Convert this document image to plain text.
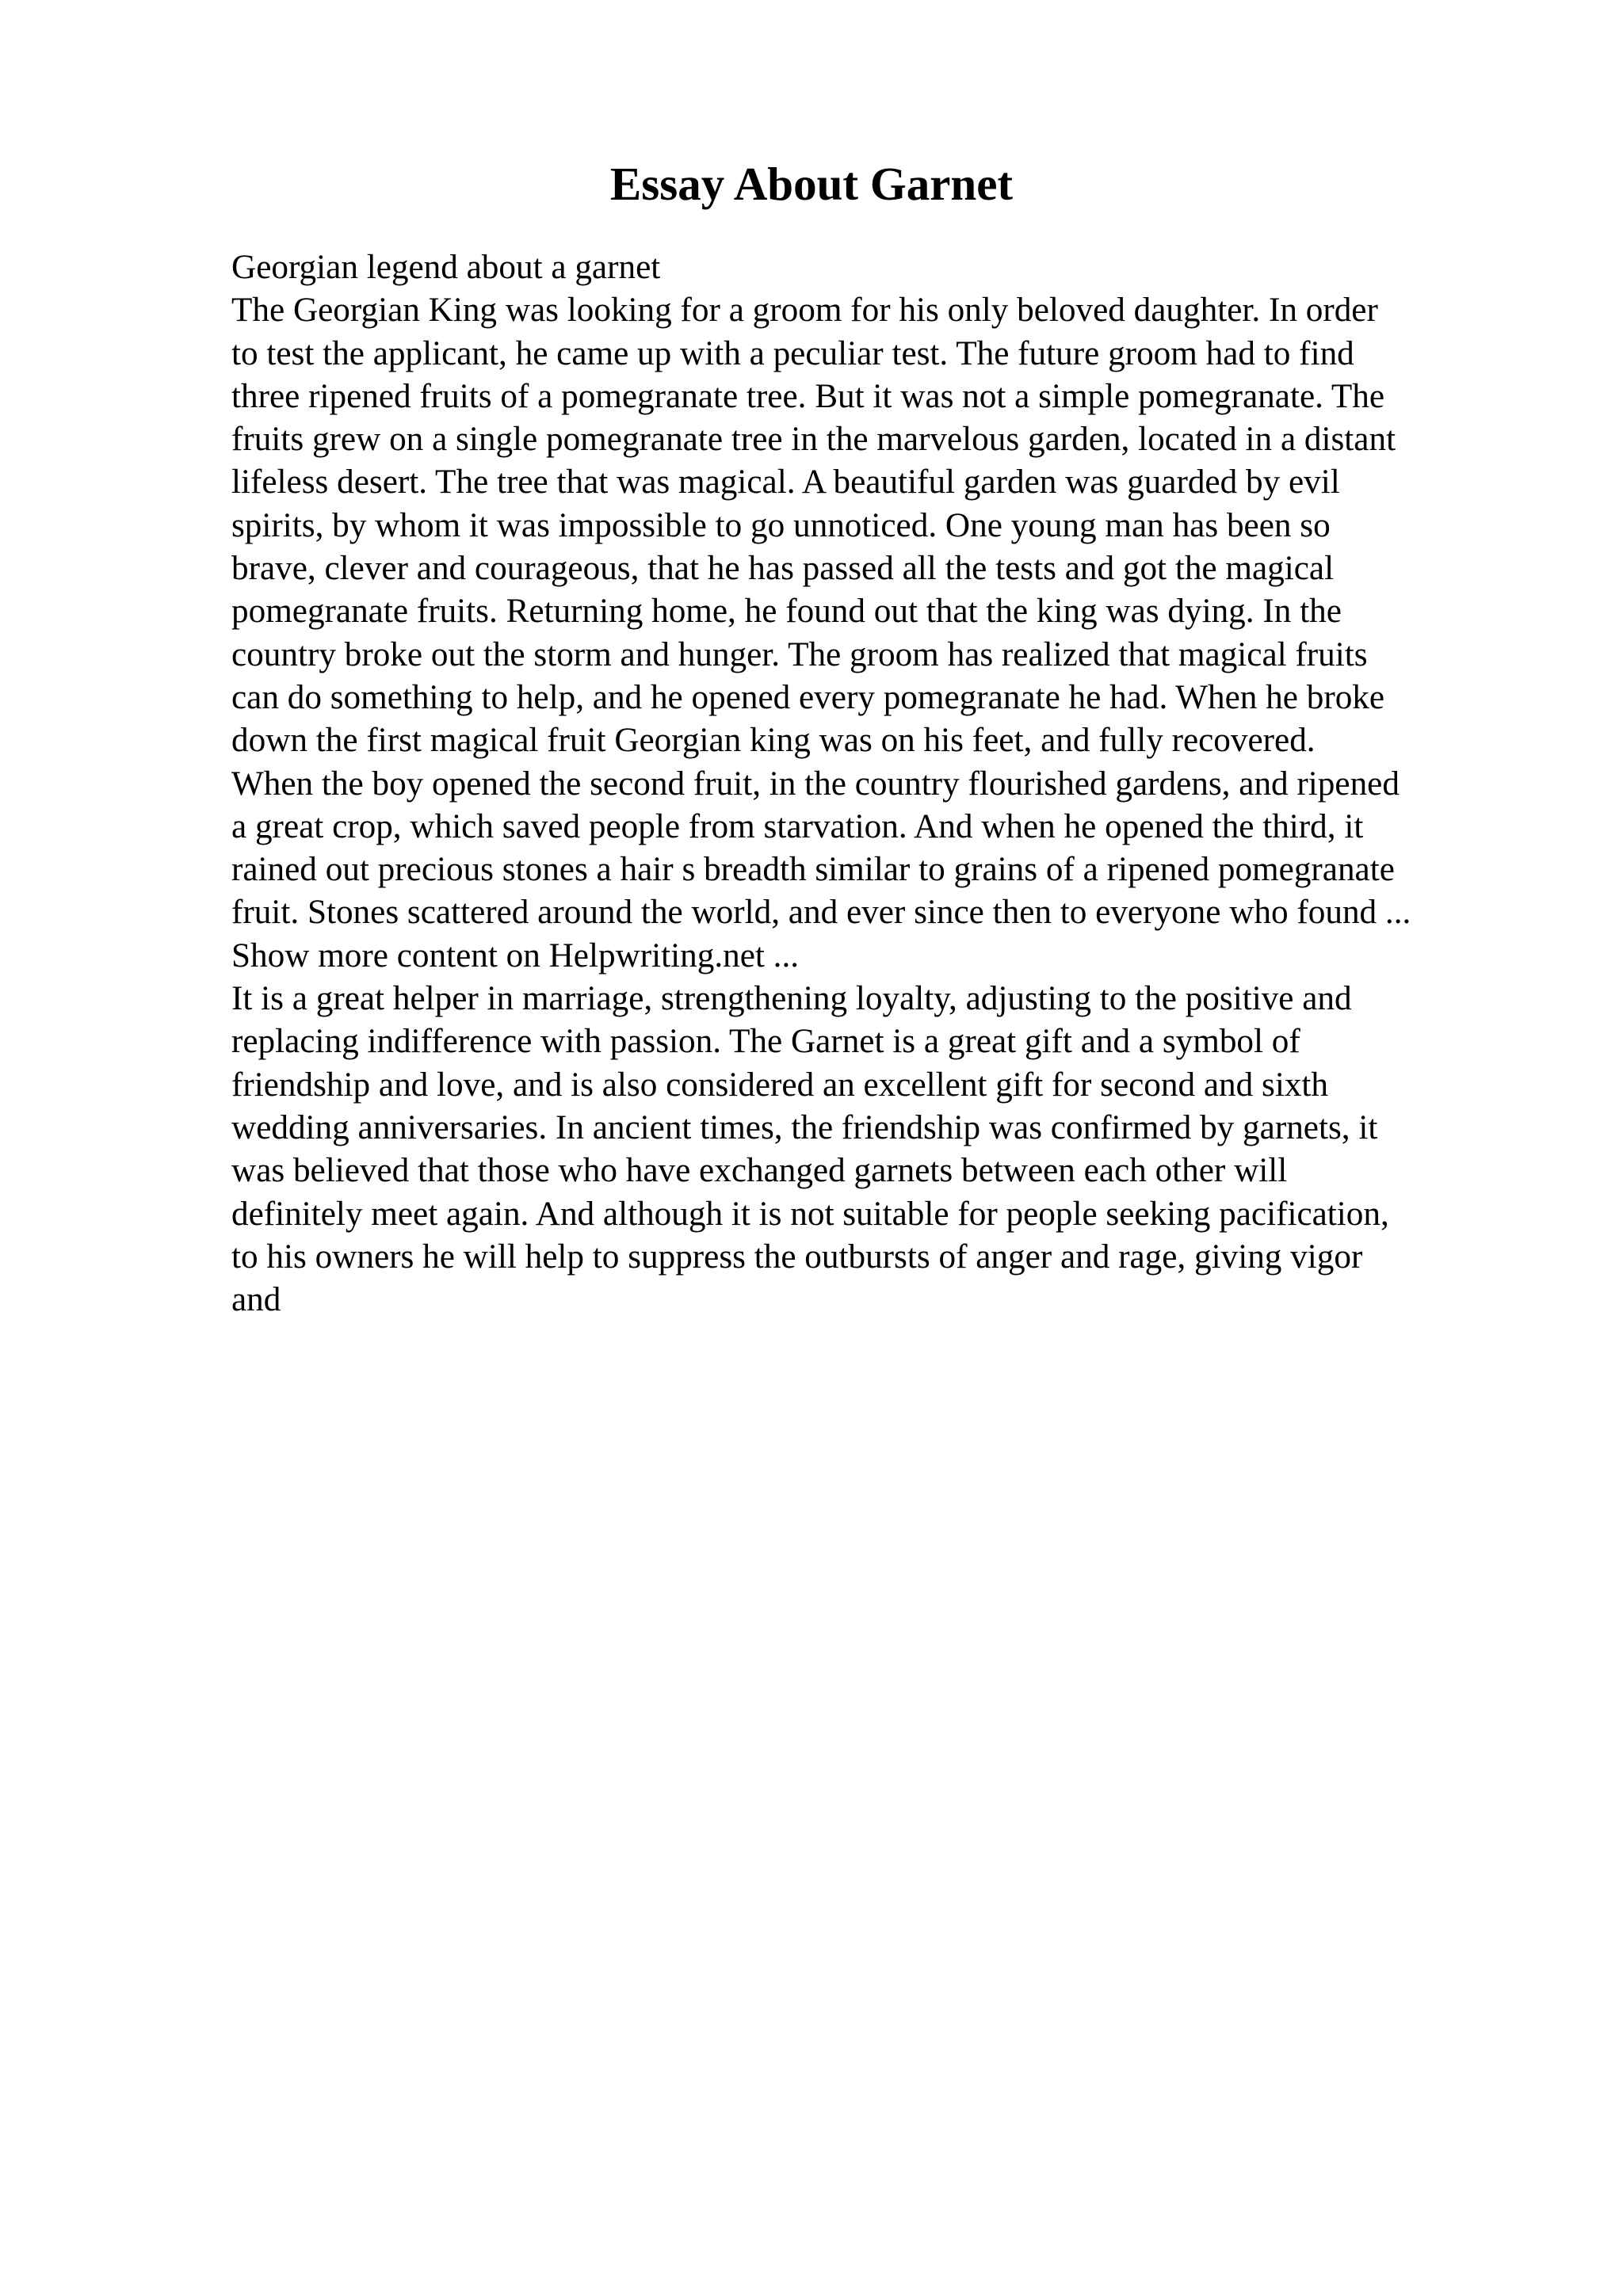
Essay About Garnet

Georgian legend about a garnet

The Georgian King was looking for a groom for his only beloved daughter. In order

to test the applicant, he came up with a peculiar test. The future groom had to find

three ripened fruits of a pomegranate tree. But it was not a simple pomegranate. The

fruits grew on a single pomegranate tree in the marvelous garden, located in a distant

lifeless desert. The tree that was magical. A beautiful garden was guarded by evil

spirits, by whom it was impossible to go unnoticed. One young man has been so

brave, clever and courageous, that he has passed all the tests and got the magical

pomegranate fruits. Returning home, he found out that the king was dying. In the

country broke out the storm and hunger. The groom has realized that magical fruits

can do something to help, and he opened every pomegranate he had. When he broke

down the first magical fruit Georgian king was on his feet, and fully recovered.

When the boy opened the second fruit, in the country flourished gardens, and ripened

a great crop, which saved people from starvation. And when he opened the third, it

rained out precious stones a hair s breadth similar to grains of a ripened pomegranate

fruit. Stones scattered around the world, and ever since then to everyone who found ...

Show more content on Helpwriting.net ...

It is a great helper in marriage, strengthening loyalty, adjusting to the positive and

replacing indifference with passion. The Garnet is a great gift and a symbol of

friendship and love, and is also considered an excellent gift for second and sixth

wedding anniversaries. In ancient times, the friendship was confirmed by garnets, it

was believed that those who have exchanged garnets between each other will

definitely meet again. And although it is not suitable for people seeking pacification,

to his owners he will help to suppress the outbursts of anger and rage, giving vigor

and
